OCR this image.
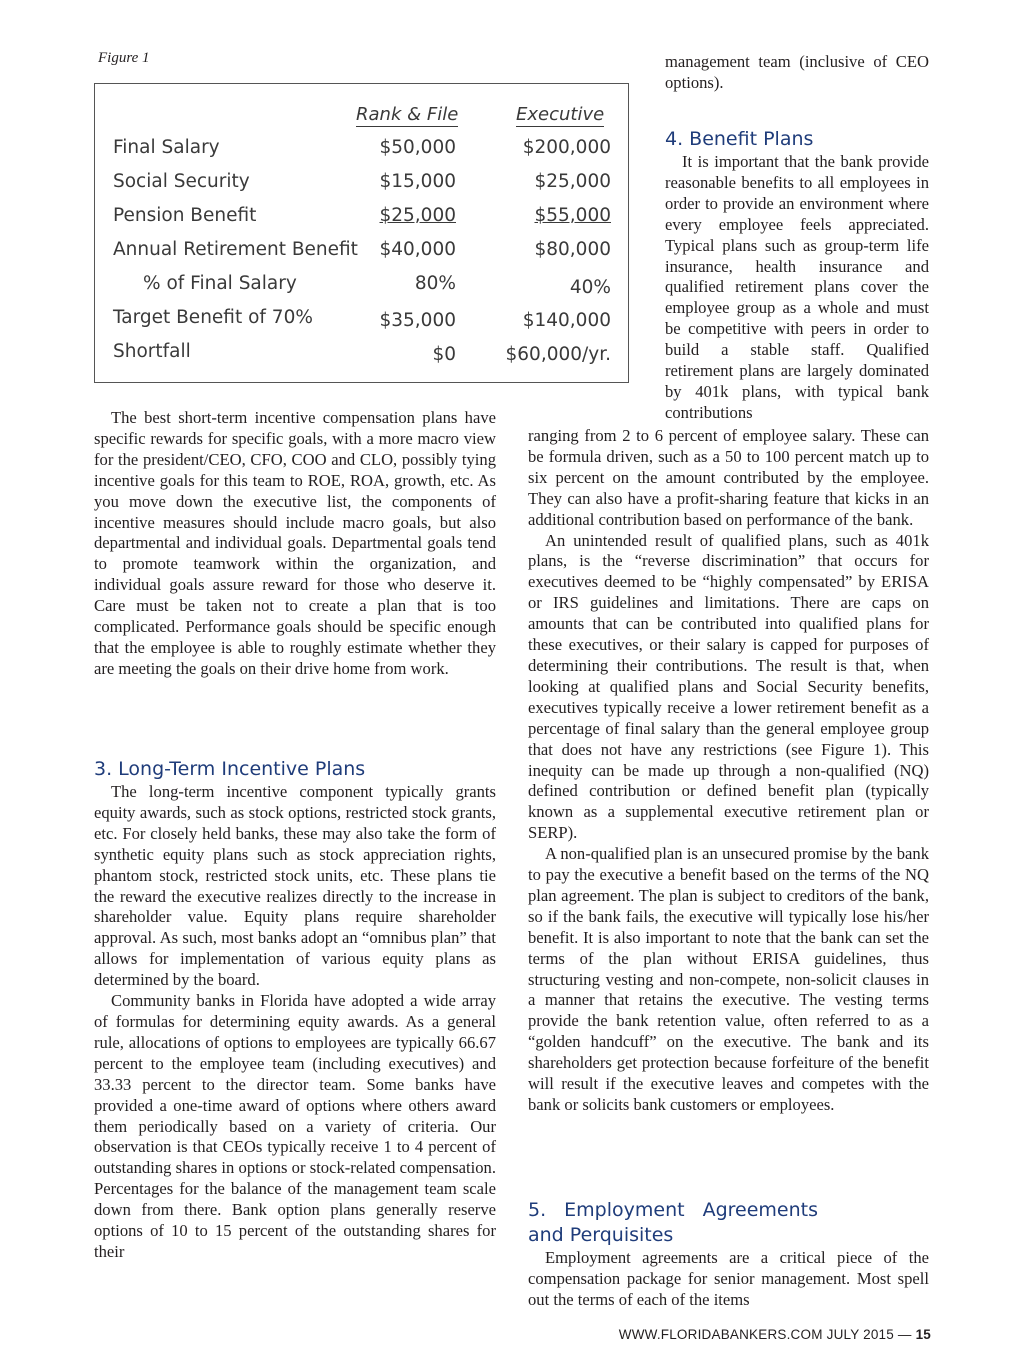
Figure 1
Rank & File	Executive
Final Salary	$50,000	$200,000
Social Security	$15,000	$25,000
Pension Benefit	$25,000	$55,000
Annual Retirement Benefit $40,000	$80,000
% of Final Salary	80%	40%
Target Benefit of 70%	$35,000	$140,000
Shortfall	$0	$60,000/yr.

The best short-term incentive compensation plans have specific rewards for specific goals, with a more macro view for the president/CEO, CFO, COO and CLO, possibly tying incentive goals for this team to ROE, ROA, growth, etc. As you move down the executive list, the components of incentive measures should include macro goals, but also departmental and individual goals. Departmental goals tend to promote teamwork within the organization, and individual goals assure reward for those who deserve it. Care must be taken not to create a plan that is too complicated. Performance goals should be specific enough that the employee is able to roughly estimate whether they are meeting the goals on their drive home from work.

3. Long-Term Incentive Plans

The long-term incentive component typically grants equity awards, such as stock options, restricted stock grants, etc. For closely held banks, these may also take the form of synthetic equity plans such as stock appreciation rights, phantom stock, restricted stock units, etc. These plans tie the reward the executive realizes directly to the increase in shareholder value. Equity plans require shareholder approval. As such, most banks adopt an “omnibus plan” that allows for implementation of various equity plans as determined by the board.

Community banks in Florida have adopted a wide array of formulas for determining equity awards. As a general rule, allocations of options to employees are typically 66.67 percent to the employee team (including executives) and 33.33 percent to the director team. Some banks have provided a one-time award of options where others award them periodically based on a variety of criteria. Our observation is that CEOs typically receive 1 to 4 percent of outstanding shares in options or stock-related compensation. Percentages for the balance of the management team scale down from there. Bank option plans generally reserve options of 10 to 15 percent of the outstanding shares for their

management team (inclusive of CEO options).

4. Benefit Plans

It is important that the bank provide reasonable benefits to all employees in order to provide an environment where every employee feels appreciated. Typical plans such as group-term life insurance, health insurance and qualified retirement plans cover the employee group as a whole and must be competitive with peers in order to build a stable staff. Qualified retirement plans are largely dominated by 401k plans, with typical bank contributions

ranging from 2 to 6 percent of employee salary. These can be formula driven, such as a 50 to 100 percent match up to six percent on the amount contributed by the employee. They can also have a profit-sharing feature that kicks in an additional contribution based on performance of the bank.

An unintended result of qualified plans, such as 401k plans, is the “reverse discrimination” that occurs for executives deemed to be “highly compensated” by ERISA or IRS guidelines and limitations. There are caps on amounts that can be contributed into qualified plans for these executives, or their salary is capped for purposes of determining their contributions. The result is that, when looking at qualified plans and Social Security benefits, executives typically receive a lower retirement benefit as a percentage of final salary than the general employee group that does not have any restrictions (see Figure 1). This inequity can be made up through a non-qualified (NQ) defined contribution or defined benefit plan (typically known as a supplemental executive retirement plan or SERP).

A non-qualified plan is an unsecured promise by the bank to pay the executive a benefit based on the terms of the NQ plan agreement. The plan is subject to creditors of the bank, so if the bank fails, the executive will typically lose his/her benefit. It is also important to note that the bank can set the terms of the plan without ERISA guidelines, thus structuring vesting and non-compete, non-solicit clauses in a manner that retains the executive. The vesting terms provide the bank retention value, often referred to as a “golden handcuff” on the executive. The bank and its shareholders get protection because forfeiture of the benefit will result if the executive leaves and competes with the bank or solicits bank customers or employees.

5. Employment Agreements and Perquisites

Employment agreements are a critical piece of the compensation package for senior management. Most spell out the terms of each of the items

WWW.FLORIDABANKERS.COM JULY 2015 — 15
